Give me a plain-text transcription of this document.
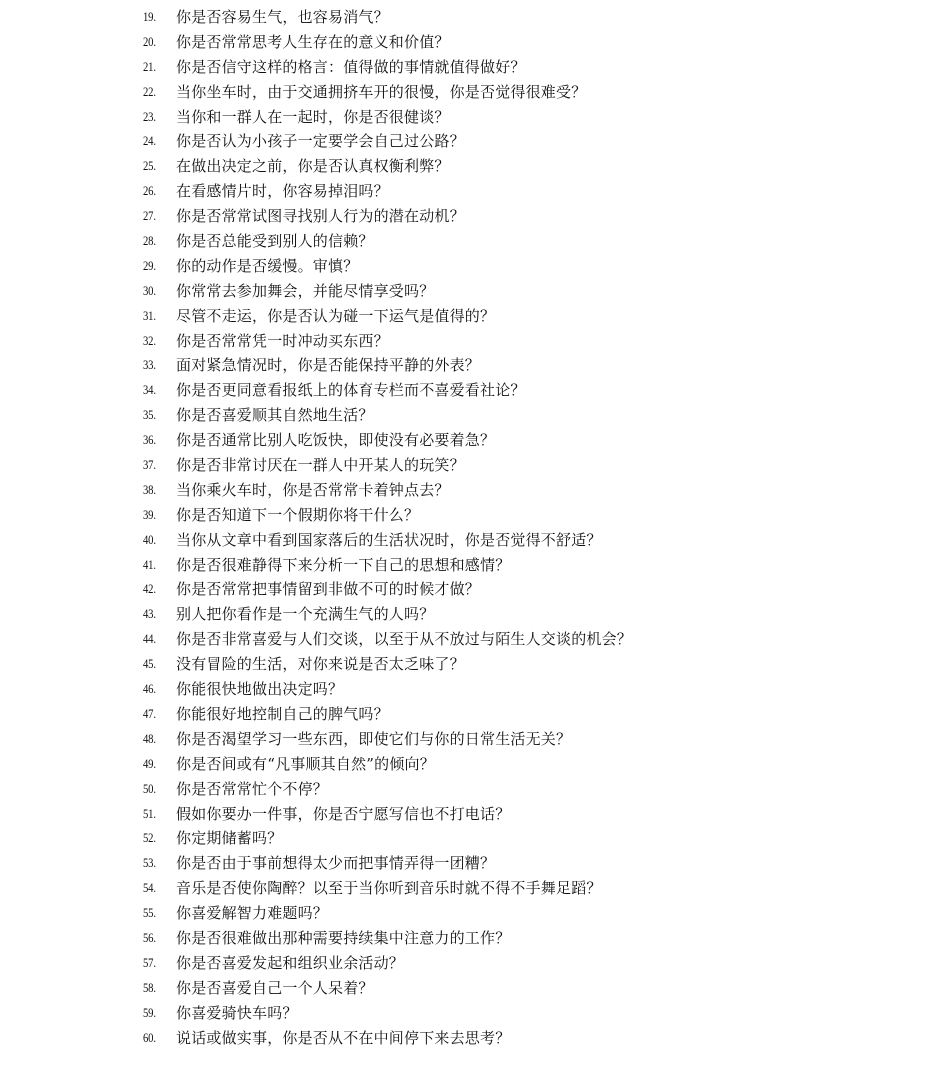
19.	你是否容易生气，也容易消气？
20.	你是否常常思考人生存在的意义和价值？
21.	你是否信守这样的格言：值得做的事情就值得做好？
22.	当你坐车时，由于交通拥挤车开的很慢，你是否觉得很难受？
23.	当你和一群人在一起时，你是否很健谈？
24.	你是否认为小孩子一定要学会自己过公路？
25.	在做出决定之前，你是否认真权衡利弊？
26.	在看感情片时，你容易掉泪吗？
27.	你是否常常试图寻找别人行为的潜在动机？
28.	你是否总能受到别人的信赖？
29.	你的动作是否缓慢。审慎？
30.	你常常去参加舞会，并能尽情享受吗？
31.	尽管不走运，你是否认为碰一下运气是值得的？
32.	你是否常常凭一时冲动买东西？
33.	面对紧急情况时，你是否能保持平静的外表？
34.	你是否更同意看报纸上的体育专栏而不喜爱看社论？
35.	你是否喜爱顺其自然地生活？
36.	你是否通常比别人吃饭快，即使没有必要着急？
37.	你是否非常讨厌在一群人中开某人的玩笑？
38.	当你乘火车时，你是否常常卡着钟点去？
39.	你是否知道下一个假期你将干什么？
40.	当你从文章中看到国家落后的生活状况时，你是否觉得不舒适？
41.	你是否很难静得下来分析一下自己的思想和感情？
42.	你是否常常把事情留到非做不可的时候才做？
43.	别人把你看作是一个充满生气的人吗？
44.	你是否非常喜爱与人们交谈，以至于从不放过与陌生人交谈的机会？
45.	没有冒险的生活，对你来说是否太乏味了？
46.	你能很快地做出决定吗？
47.	你能很好地控制自己的脾气吗？
48.	你是否渴望学习一些东西，即使它们与你的日常生活无关？
49.	你是否间或有“凡事顺其自然”的倾向？
50.	你是否常常忙个不停？
51.	假如你要办一件事，你是否宁愿写信也不打电话？
52.	你定期储蓄吗？
53.	你是否由于事前想得太少而把事情弄得一团糟？
54.	音乐是否使你陶醉？以至于当你听到音乐时就不得不手舞足蹈？
55.	你喜爱解智力难题吗？
56.	你是否很难做出那种需要持续集中注意力的工作？
57.	你是否喜爱发起和组织业余活动？
58.	你是否喜爱自己一个人呆着？
59.	你喜爱骑快车吗？
60.	说话或做实事，你是否从不在中间停下来去思考？
